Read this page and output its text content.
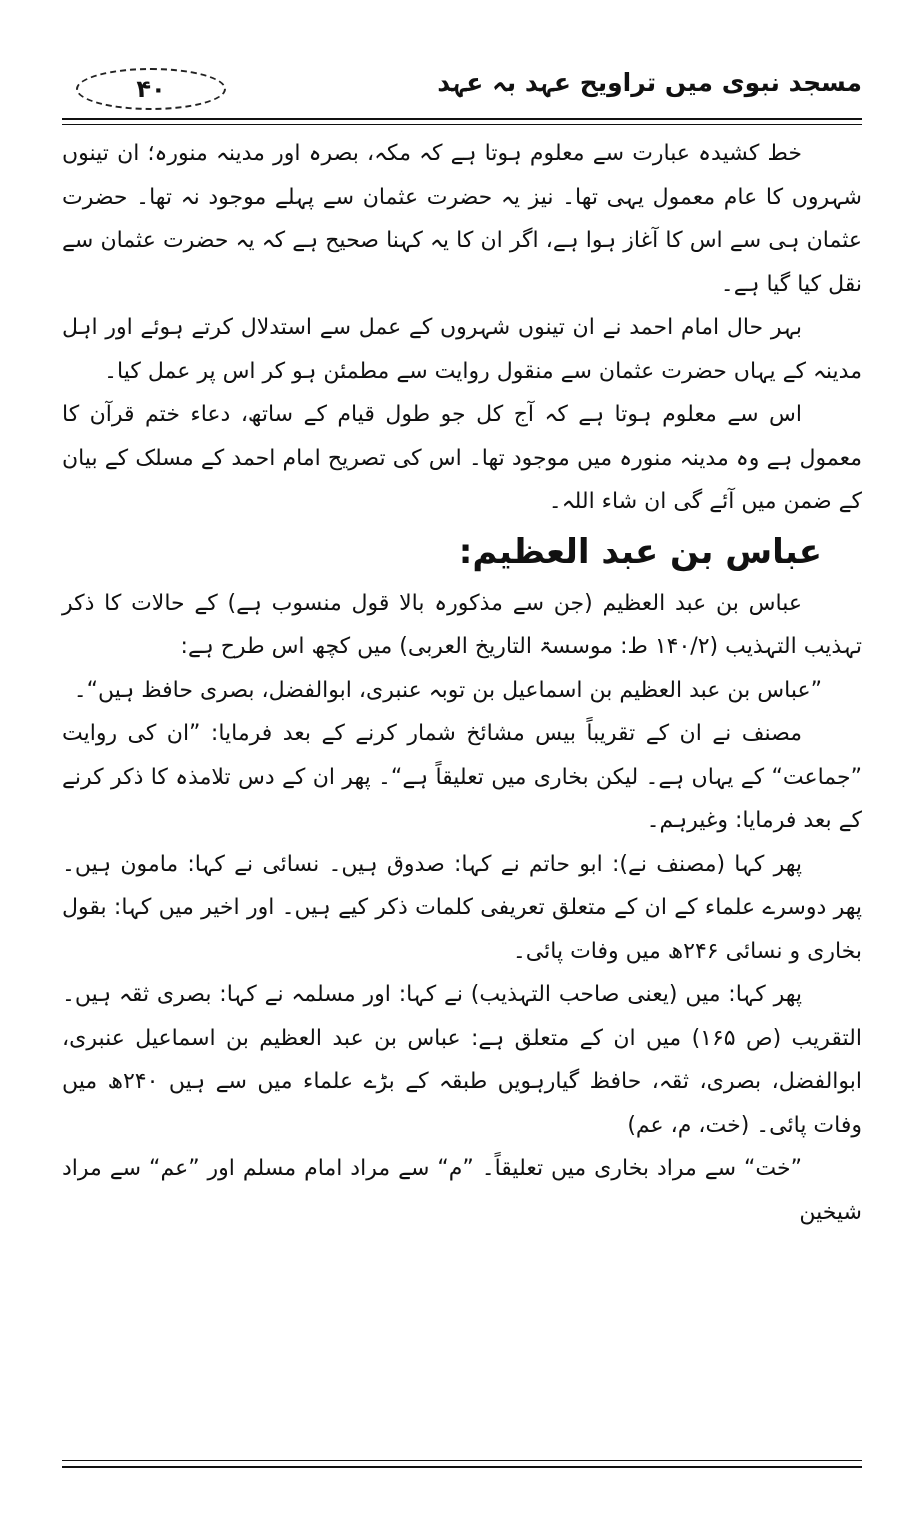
۴۰	مسجد نبوی میں تراویح عہد بہ عہد

خط کشیدہ عبارت سے معلوم ہوتا ہے کہ مکہ، بصرہ اور مدینہ منورہ؛ ان تینوں شہروں کا عام معمول یہی تھا۔ نیز یہ حضرت عثمان سے پہلے موجود نہ تھا۔ حضرت عثمان ہی سے اس کا آغاز ہوا ہے، اگر ان کا یہ کہنا صحیح ہے کہ یہ حضرت عثمان سے نقل کیا گیا ہے۔

بہر حال امام احمد نے ان تینوں شہروں کے عمل سے استدلال کرتے ہوئے اور اہل مدینہ کے یہاں حضرت عثمان سے منقول روایت سے مطمئن ہو کر اس پر عمل کیا۔

اس سے معلوم ہوتا ہے کہ آج کل جو طول قیام کے ساتھ، دعاء ختم قرآن کا معمول ہے وہ مدینہ منورہ میں موجود تھا۔ اس کی تصریح امام احمد کے مسلک کے بیان کے ضمن میں آئے گی ان شاء اللہ۔

عباس بن عبد العظیم:

عباس بن عبد العظیم (جن سے مذکورہ بالا قول منسوب ہے) کے حالات کا ذکر تہذیب التہذیب (۱۴۰/۲ ط: موسسۃ التاریخ العربی) میں کچھ اس طرح ہے:

”عباس بن عبد العظیم بن اسماعیل بن توبہ عنبری، ابوالفضل، بصری حافظ ہیں“۔

مصنف نے ان کے تقریباً بیس مشائخ شمار کرنے کے بعد فرمایا: ”ان کی روایت ”جماعت“ کے یہاں ہے۔ لیکن بخاری میں تعلیقاً ہے“۔ پھر ان کے دس تلامذہ کا ذکر کرنے کے بعد فرمایا: وغیرہم۔

پھر کہا (مصنف نے): ابو حاتم نے کہا: صدوق ہیں۔ نسائی نے کہا: مامون ہیں۔ پھر دوسرے علماء کے ان کے متعلق تعریفی کلمات ذکر کیے ہیں۔ اور اخیر میں کہا: بقول بخاری و نسائی ۲۴۶ھ میں وفات پائی۔

پھر کہا: میں (یعنی صاحب التہذیب) نے کہا: اور مسلمہ نے کہا: بصری ثقہ ہیں۔ التقریب (ص ۱۶۵) میں ان کے متعلق ہے: عباس بن عبد العظیم بن اسماعیل عنبری، ابوالفضل، بصری، ثقہ، حافظ گیارہویں طبقہ کے بڑے علماء میں سے ہیں ۲۴۰ھ میں وفات پائی۔ (خت، م، عم)

”خت“ سے مراد بخاری میں تعلیقاً۔ ”م“ سے مراد امام مسلم اور ”عم“ سے مراد شیخین
